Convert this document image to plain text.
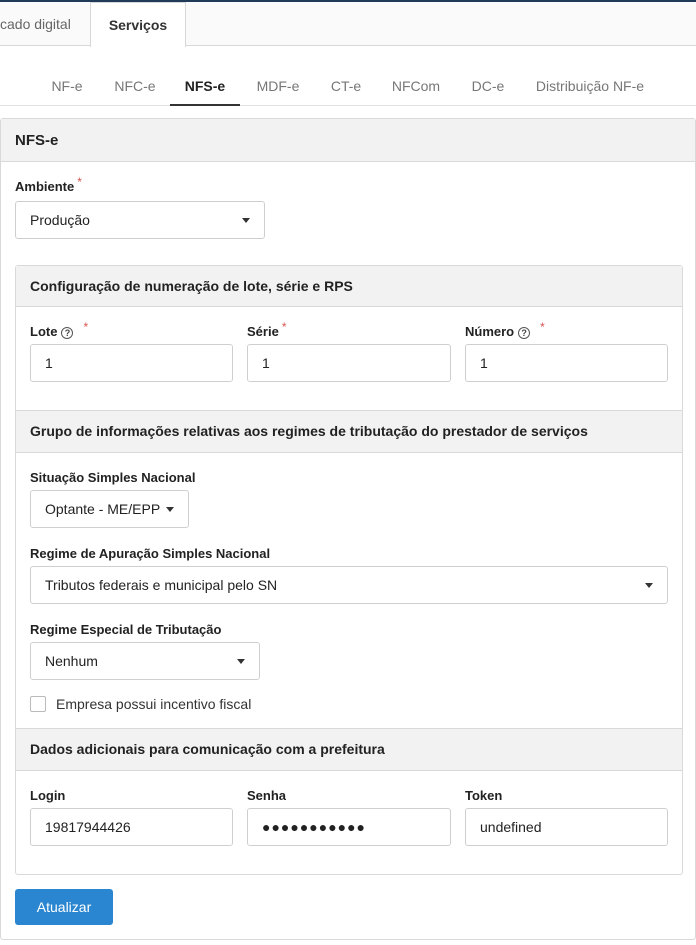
cado digital	Serviços
NF-e	NFC-e	NFS-e	MDF-e	CT-e	NFCom	DC-e	Distribuição NF-e
NFS-e
Ambiente *
Produção
Configuração de numeração de lote, série e RPS
Lote ? *
1
Série *
1
Número ? *
1
Grupo de informações relativas aos regimes de tributação do prestador de serviços
Situação Simples Nacional
Optante - ME/EPP
Regime de Apuração Simples Nacional
Tributos federais e municipal pelo SN
Regime Especial de Tributação
Nenhum
Empresa possui incentivo fiscal
Dados adicionais para comunicação com a prefeitura
Login
19817944426
Senha
●●●●●●●●●●●
Token
undefined
Atualizar
